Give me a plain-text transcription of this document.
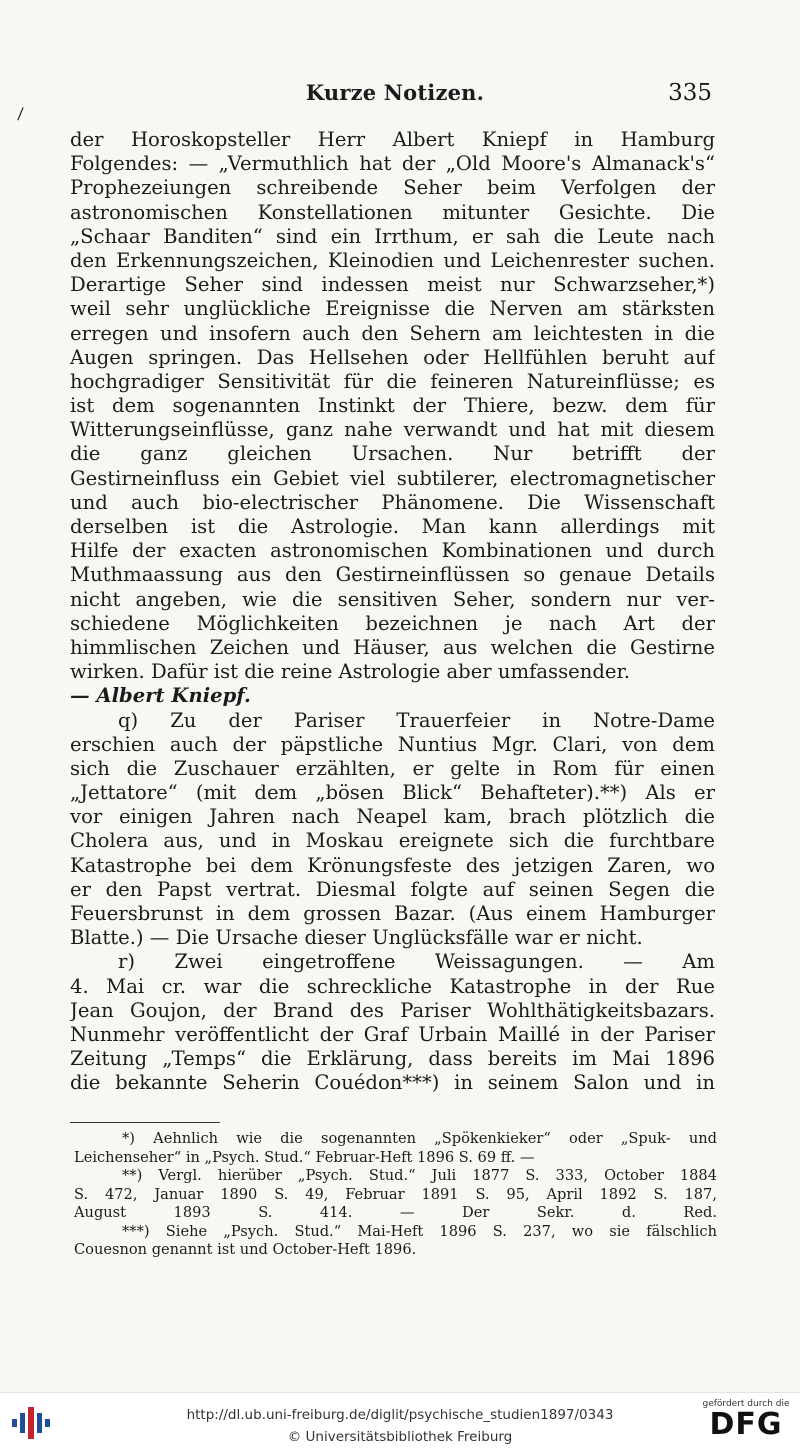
\
Kurze Notizen.	335
der Horoskopsteller Herr Albert Kniepf in Hamburg
Folgendes: — „Vermuthlich hat der „Old Moore's Almanack's“
Prophezeiungen schreibende Seher beim Verfolgen der
astronomischen Konstellationen mitunter Gesichte. Die
„Schaar Banditen“ sind ein Irrthum, er sah die Leute nach
den Erkennungszeichen, Kleinodien und Leichenrester suchen.
Derartige Seher sind indessen meist nur Schwarzseher,*)
weil sehr unglückliche Ereignisse die Nerven am stärksten
erregen und insofern auch den Sehern am leichtesten in die
Augen springen. Das Hellsehen oder Hellfühlen beruht auf
hochgradiger Sensitivität für die feineren Natureinflüsse; es
ist dem sogenannten Instinkt der Thiere, bezw. dem für
Witterungseinflüsse, ganz nahe verwandt und hat mit diesem
die ganz gleichen Ursachen. Nur betrifft der
Gestirneinfluss ein Gebiet viel subtilerer, electromagnetischer
und auch bio-electrischer Phänomene. Die Wissenschaft
derselben ist die Astrologie. Man kann allerdings mit
Hilfe der exacten astronomischen Kombinationen und durch
Muthmaassung aus den Gestirneinflüssen so genaue Details
nicht angeben, wie die sensitiven Seher, sondern nur ver-
schiedene Möglichkeiten bezeichnen je nach Art der
himmlischen Zeichen und Häuser, aus welchen die Gestirne
wirken. Dafür ist die reine Astrologie aber umfassender.
— Albert Kniepf.
q) Zu der Pariser Trauerfeier in Notre-Dame
erschien auch der päpstliche Nuntius Mgr. Clari, von dem
sich die Zuschauer erzählten, er gelte in Rom für einen
„Jettatore“ (mit dem „bösen Blick“ Behafteter).**) Als er
vor einigen Jahren nach Neapel kam, brach plötzlich die
Cholera aus, und in Moskau ereignete sich die furchtbare
Katastrophe bei dem Krönungsfeste des jetzigen Zaren, wo
er den Papst vertrat. Diesmal folgte auf seinen Segen die
Feuersbrunst in dem grossen Bazar. (Aus einem Hamburger
Blatte.) — Die Ursache dieser Unglücksfälle war er nicht.
r) Zwei eingetroffene Weissagungen. — Am
4. Mai cr. war die schreckliche Katastrophe in der Rue
Jean Goujon, der Brand des Pariser Wohlthätigkeitsbazars.
Nunmehr veröffentlicht der Graf Urbain Maillé in der Pariser
Zeitung „Temps“ die Erklärung, dass bereits im Mai 1896
die bekannte Seherin Couédon***) in seinem Salon und in
*) Aehnlich wie die sogenannten „Spökenkieker“ oder „Spuk- und
Leichenseher“ in „Psych. Stud.“ Februar-Heft 1896 S. 69 ff. —
**) Vergl. hierüber „Psych. Stud.“ Juli 1877 S. 333, October 1884
S. 472, Januar 1890 S. 49, Februar 1891 S. 95, April 1892 S. 187,
August 1893 S. 414. — Der Sekr. d. Red.
***) Siehe „Psych. Stud.“ Mai-Heft 1896 S. 237, wo sie fälschlich
Couesnon genannt ist und October-Heft 1896.
http://dl.ub.uni-freiburg.de/diglit/psychische_studien1897/0343
© Universitätsbibliothek Freiburg
gefördert durch die
DFG
